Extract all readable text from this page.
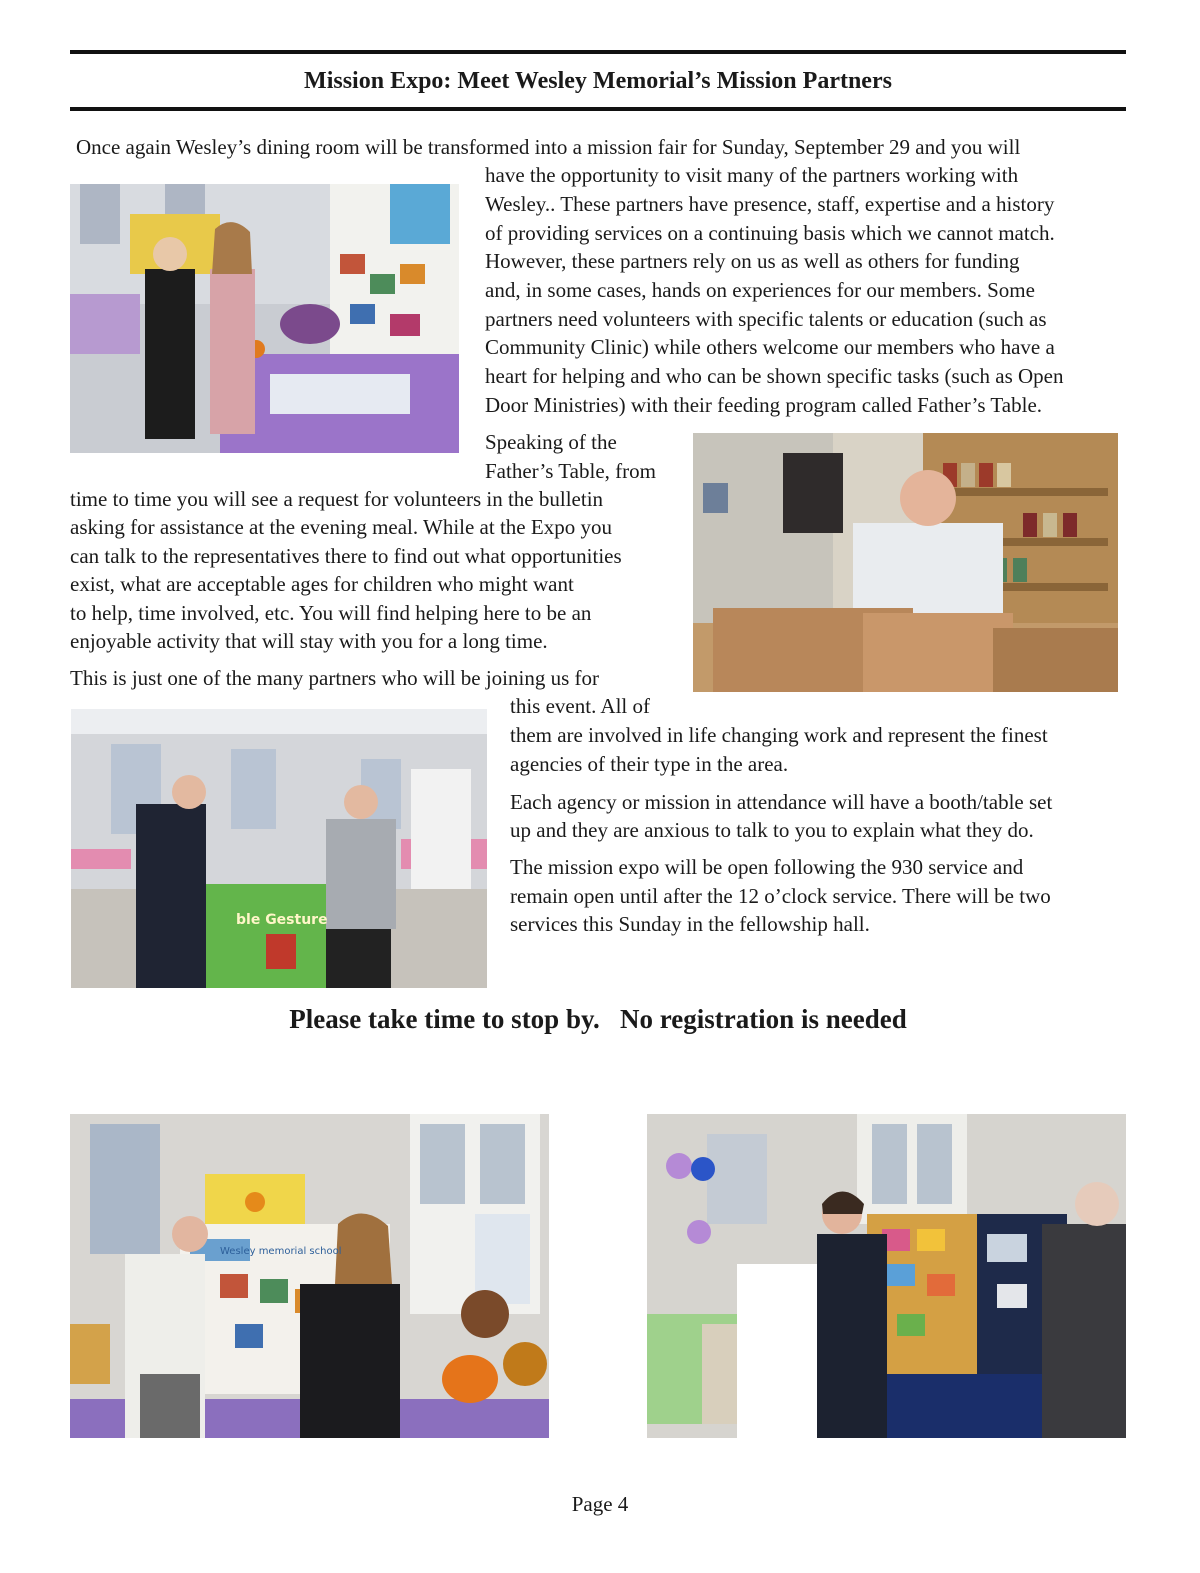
Mission Expo: Meet Wesley Memorial’s Mission Partners
Once again Wesley’s dining room will be transformed into a mission fair for Sunday, September 29 and you will
have the opportunity to visit many of the partners working with
Wesley.. These partners have presence, staff, expertise and a history
of providing services on a continuing basis which we cannot match.
However, these partners rely on us as well as others for funding
and, in some cases, hands on experiences for our members. Some
partners need volunteers with specific talents or education (such as
Community Clinic) while others welcome our members who have a
heart for helping and who can be shown specific tasks (such as Open
Door Ministries) with their feeding program called Father’s Table.
Speaking of the
Father’s Table, from
time to time you will see a request for volunteers in the bulletin
asking for assistance at the evening meal. While at the Expo you
can talk to the representatives there to find out what opportunities
exist, what are acceptable ages for children who might want
to help, time involved, etc. You will find helping here to be an
enjoyable activity that will stay with you for a long time.
This is just one of the many partners who will be joining us for
this event. All of
them are involved in life changing work and represent the finest
agencies of their type in the area.
ble Gesture
Each agency or mission in attendance will have a booth/table set
up and they are anxious to talk to you to explain what they do.
The mission expo will be open following the 930 service and
remain open until after the 12 o’clock service. There will be two
services this Sunday in the fellowship hall.
Please take time to stop by.   No registration is needed
Wesley memorial school
Page 4
